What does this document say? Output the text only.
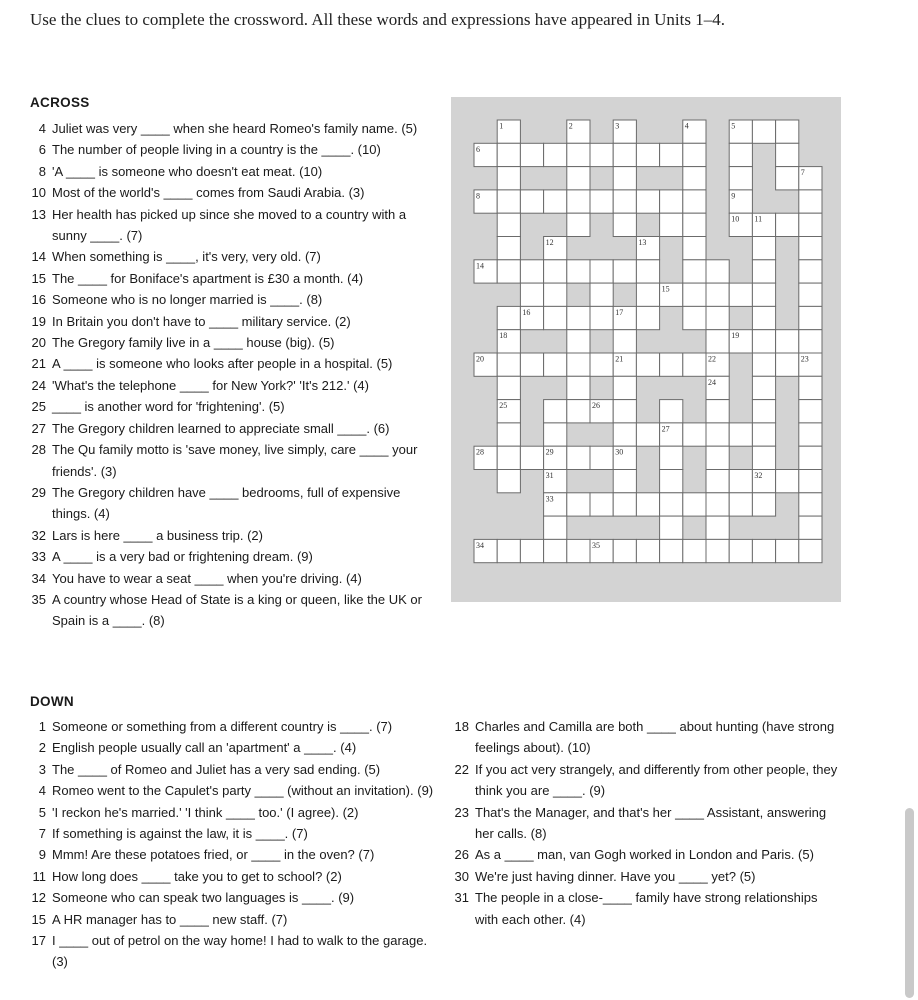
Use the clues to complete the crossword. All these words and expressions have appeared in Units 1–4.
ACROSS
4 Juliet was very ____ when she heard Romeo's family name. (5)
6 The number of people living in a country is the ____. (10)
8 'A ____ is someone who doesn't eat meat. (10)
10 Most of the world's ____ comes from Saudi Arabia. (3)
13 Her health has picked up since she moved to a country with a sunny ____. (7)
14 When something is ____, it's very, very old. (7)
15 The ____ for Boniface's apartment is £30 a month. (4)
16 Someone who is no longer married is ____. (8)
19 In Britain you don't have to ____ military service. (2)
20 The Gregory family live in a ____ house (big). (5)
21 A ____ is someone who looks after people in a hospital. (5)
24 'What's the telephone ____ for New York?' 'It's 212.' (4)
25 ____ is another word for 'frightening'. (5)
27 The Gregory children learned to appreciate small ____. (6)
28 The Qu family motto is 'save money, live simply, care ____ your friends'. (3)
29 The Gregory children have ____ bedrooms, full of expensive things. (4)
32 Lars is here ____ a business trip. (2)
33 A ____ is a very bad or frightening dream. (9)
34 You have to wear a seat ____ when you're driving. (4)
35 A country whose Head of State is a king or queen, like the UK or Spain is a ____. (8)
DOWN
1 Someone or something from a different country is ____. (7)
2 English people usually call an 'apartment' a ____. (4)
3 The ____ of Romeo and Juliet has a very sad ending. (5)
4 Romeo went to the Capulet's party ____ (without an invitation). (9)
5 'I reckon he's married.' 'I think ____ too.' (I agree). (2)
7 If something is against the law, it is ____. (7)
9 Mmm! Are these potatoes fried, or ____ in the oven? (7)
11 How long does ____ take you to get to school? (2)
12 Someone who can speak two languages is ____. (9)
15 A HR manager has to ____ new staff. (7)
17 I ____ out of petrol on the way home! I had to walk to the garage. (3)
18 Charles and Camilla are both ____ about hunting (have strong feelings about). (10)
22 If you act very strangely, and differently from other people, they think you are ____. (9)
23 That's the Manager, and that's her ____ Assistant, answering her calls. (8)
26 As a ____ man, van Gogh worked in London and Paris. (5)
30 We're just having dinner. Have you ____ yet? (5)
31 The people in a close-____ family have strong relationships with each other. (4)
1	2	3	4	5
6
7
8	9
10 11
12	13
14
15
16	17
18	19
20	21	22	23
24
25	26
27
28	29	30
31	32
33
34	35
